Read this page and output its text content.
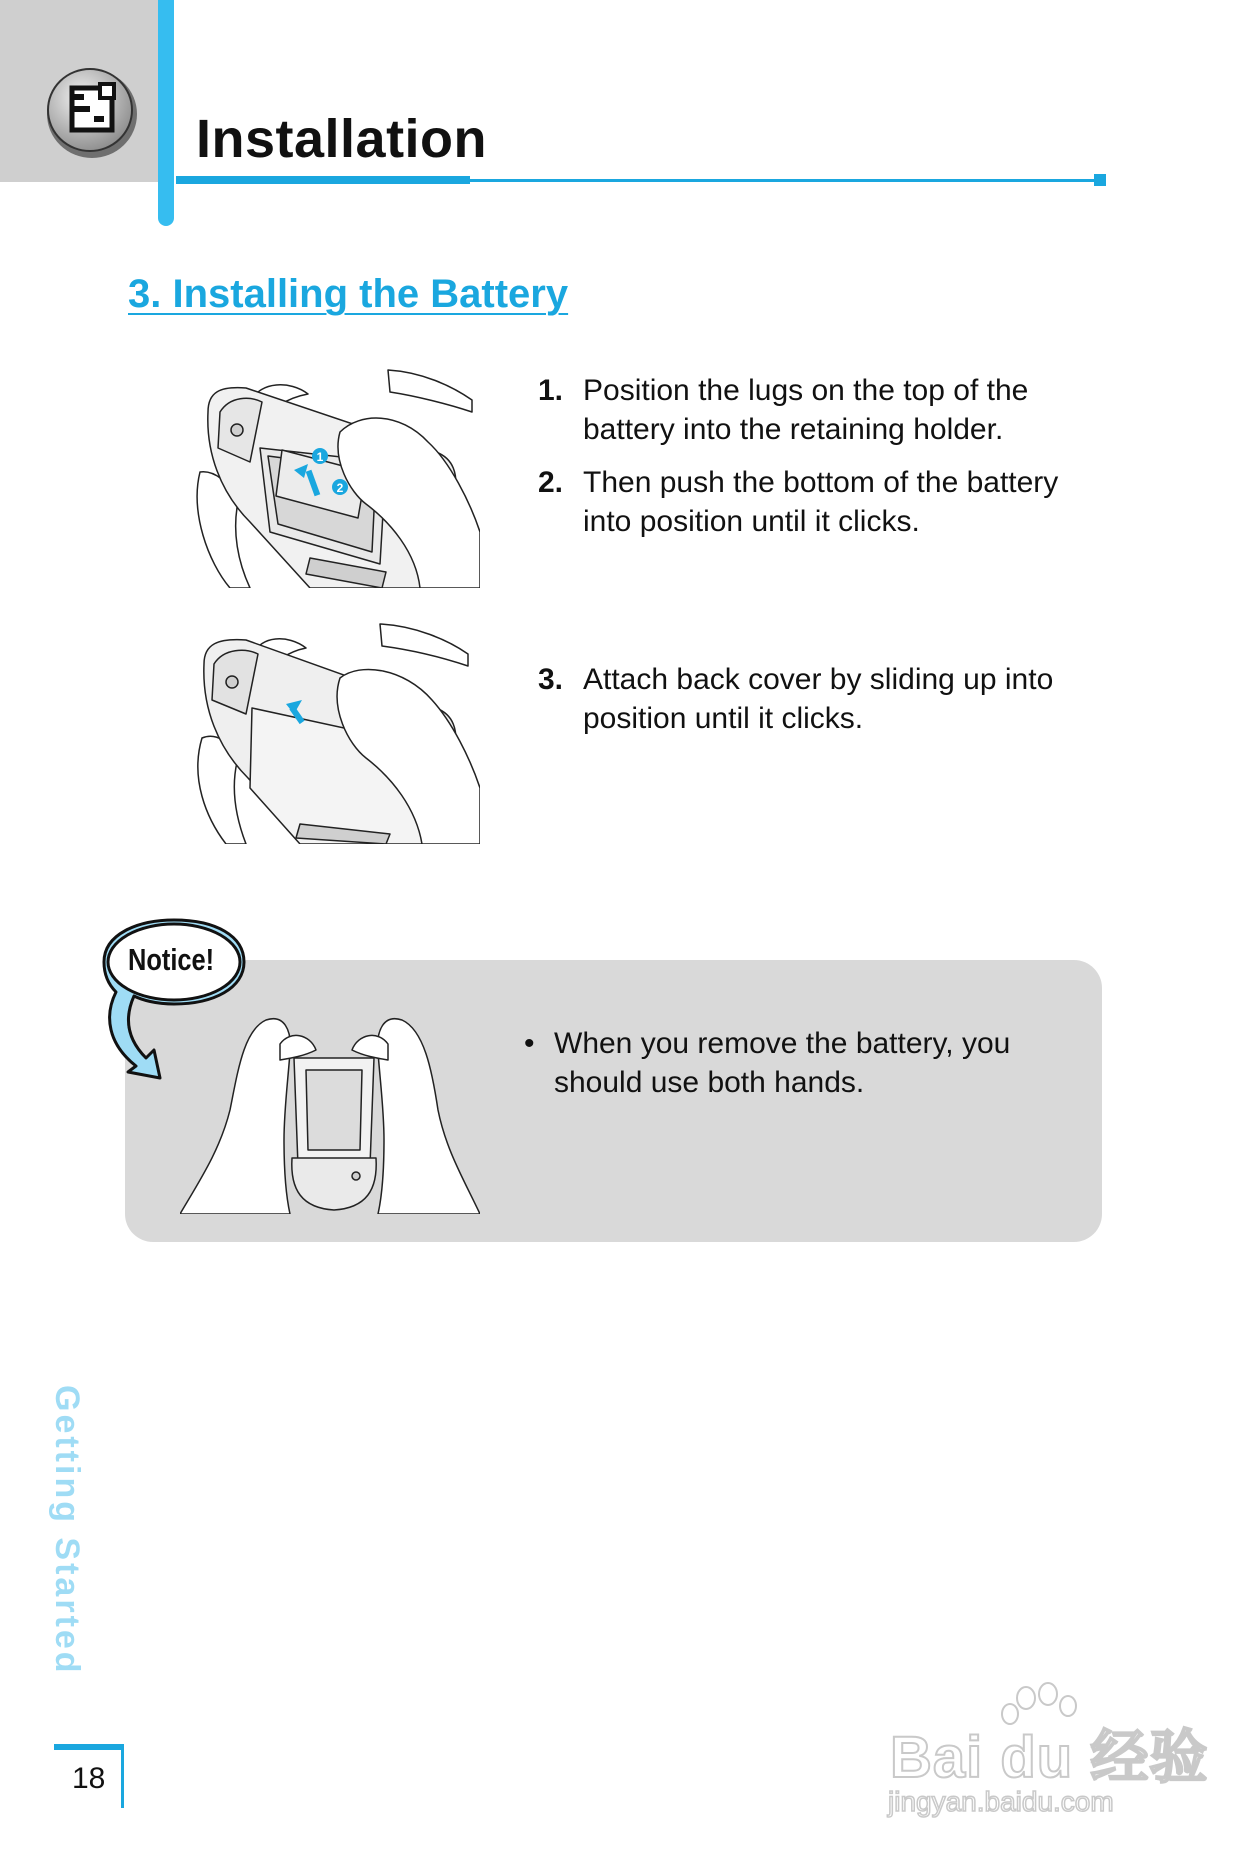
Installation
3. Installing the Battery
1
2
1. Position the lugs on the top of the battery into the retaining holder.
2. Then push the bottom of the battery into position until it clicks.
3. Attach back cover by sliding up into position until it clicks.
Notice!
• When you remove the battery, you should use both hands.
Getting Started
18	Bai du 经验
jingyan.baidu.com
